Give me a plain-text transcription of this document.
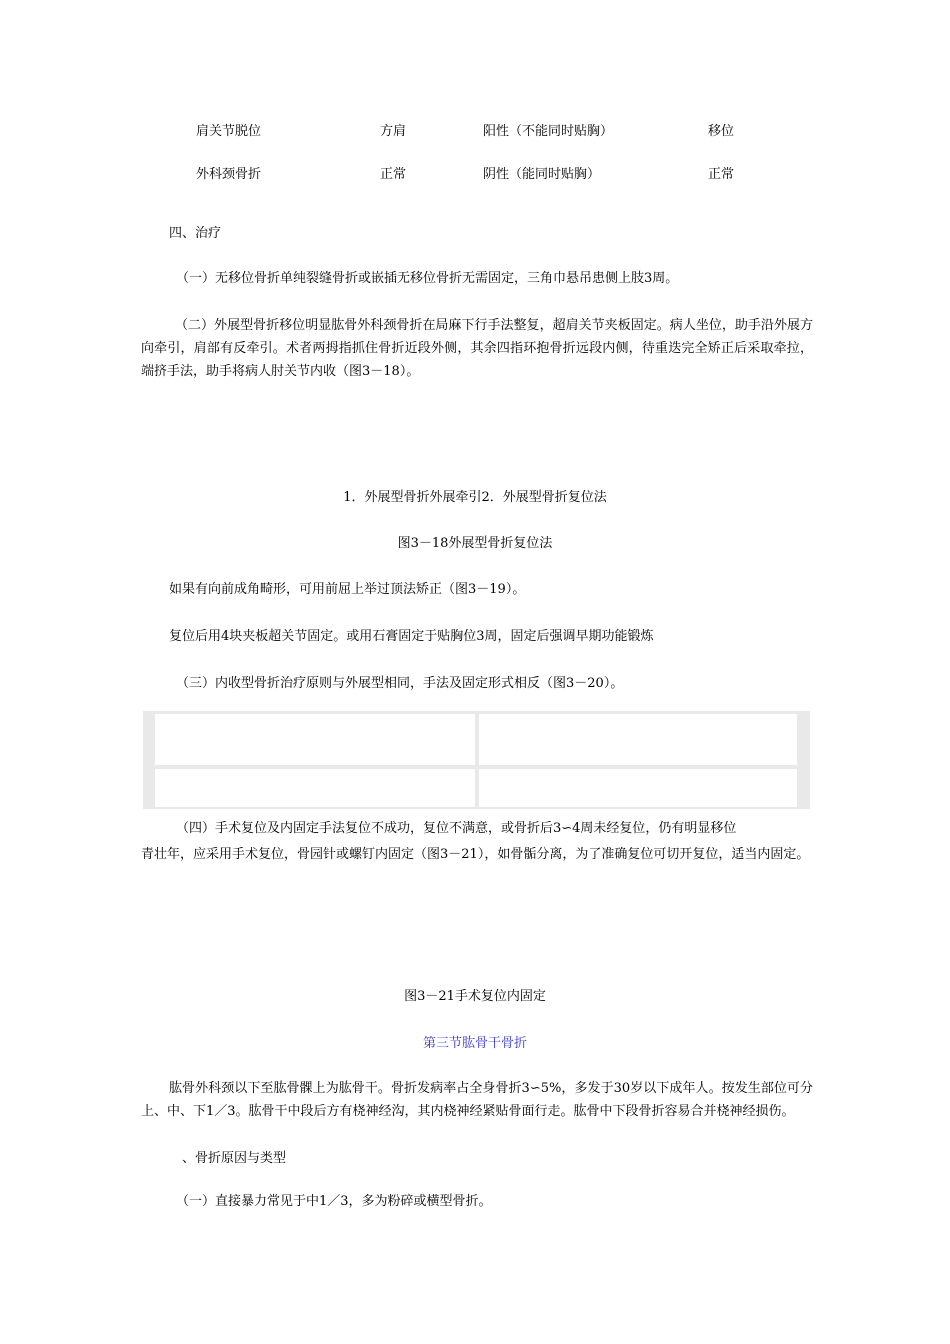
肩关节脱位	方肩	阳性（不能同时贴胸）	移位
外科颈骨折	正常	阴性（能同时贴胸）	正常
四、治疗
（一）无移位骨折单纯裂缝骨折或嵌插无移位骨折无需固定，三角巾悬吊患侧上肢3周。
（二）外展型骨折移位明显肱骨外科颈骨折在局麻下行手法整复，超肩关节夹板固定。病人坐位，助手沿外展方向牵引，肩部有反牵引。术者两拇指抓住骨折近段外侧，其余四指环抱骨折远段内侧，待重迭完全矫正后采取牵拉，端挤手法，助手将病人肘关节内收（图3－18）。
1．外展型骨折外展牵引2．外展型骨折复位法
图3－18外展型骨折复位法
如果有向前成角畸形，可用前屈上举过顶法矫正（图3－19）。
复位后用4块夹板超关节固定。或用石膏固定于贴胸位3周，固定后强调早期功能锻炼
（三）内收型骨折治疗原则与外展型相同，手法及固定形式相反（图3－20）。
（四）手术复位及内固定手法复位不成功，复位不满意，或骨折后3∽4周未经复位，仍有明显移位
青壮年，应采用手术复位，骨园针或螺钉内固定（图3－21），如骨骺分离，为了准确复位可切开复位，适当内固定。
图3－21手术复位内固定
第三节肱骨干骨折
肱骨外科颈以下至肱骨髁上为肱骨干。骨折发病率占全身骨折3∽5%，多发于30岁以下成年人。按发生部位可分上、中、下1／3。肱骨干中段后方有桡神经沟，其内桡神经紧贴骨面行走。肱骨中下段骨折容易合并桡神经损伤。
、骨折原因与类型
（一）直接暴力常见于中1／3，多为粉碎或横型骨折。
